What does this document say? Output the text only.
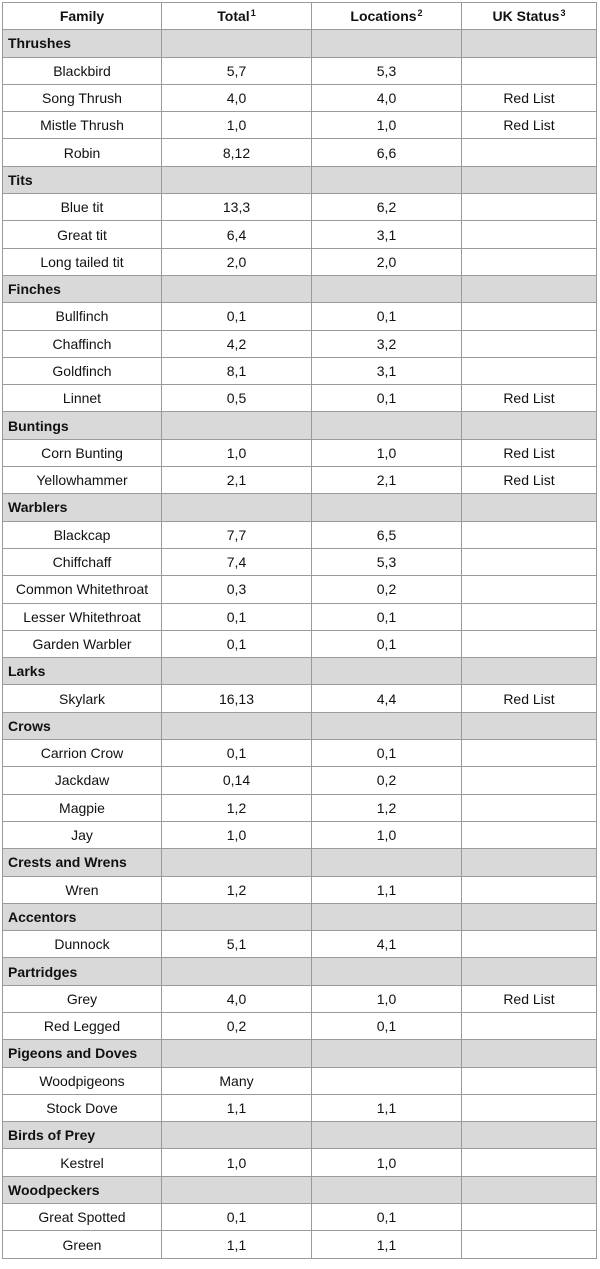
Family	Total$^1$	Locations$^2$	UK Status$^3$
Thrushes			
Blackbird	5,7	5,3	
Song Thrush	4,0	4,0	Red List
Mistle Thrush	1,0	1,0	Red List
Robin	8,12	6,6	
Tits			
Blue tit	13,3	6,2	
Great tit	6,4	3,1	
Long tailed tit	2,0	2,0	
Finches			
Bullfinch	0,1	0,1	
Chaffinch	4,2	3,2	
Goldfinch	8,1	3,1	
Linnet	0,5	0,1	Red List
Buntings			
Corn Bunting	1,0	1,0	Red List
Yellowhammer	2,1	2,1	Red List
Warblers			
Blackcap	7,7	6,5	
Chiffchaff	7,4	5,3	
Common Whitethroat	0,3	0,2	
Lesser Whitethroat	0,1	0,1	
Garden Warbler	0,1	0,1	
Larks			
Skylark	16,13	4,4	Red List
Crows			
Carrion Crow	0,1	0,1	
Jackdaw	0,14	0,2	
Magpie	1,2	1,2	
Jay	1,0	1,0	
Crests and Wrens			
Wren	1,2	1,1	
Accentors			
Dunnock	5,1	4,1	
Partridges			
Grey	4,0	1,0	Red List
Red Legged	0,2	0,1	
Pigeons and Doves			
Woodpigeons	Many		
Stock Dove	1,1	1,1	
Birds of Prey			
Kestrel	1,0	1,0	
Woodpeckers			
Great Spotted	0,1	0,1	
Green	1,1	1,1	
